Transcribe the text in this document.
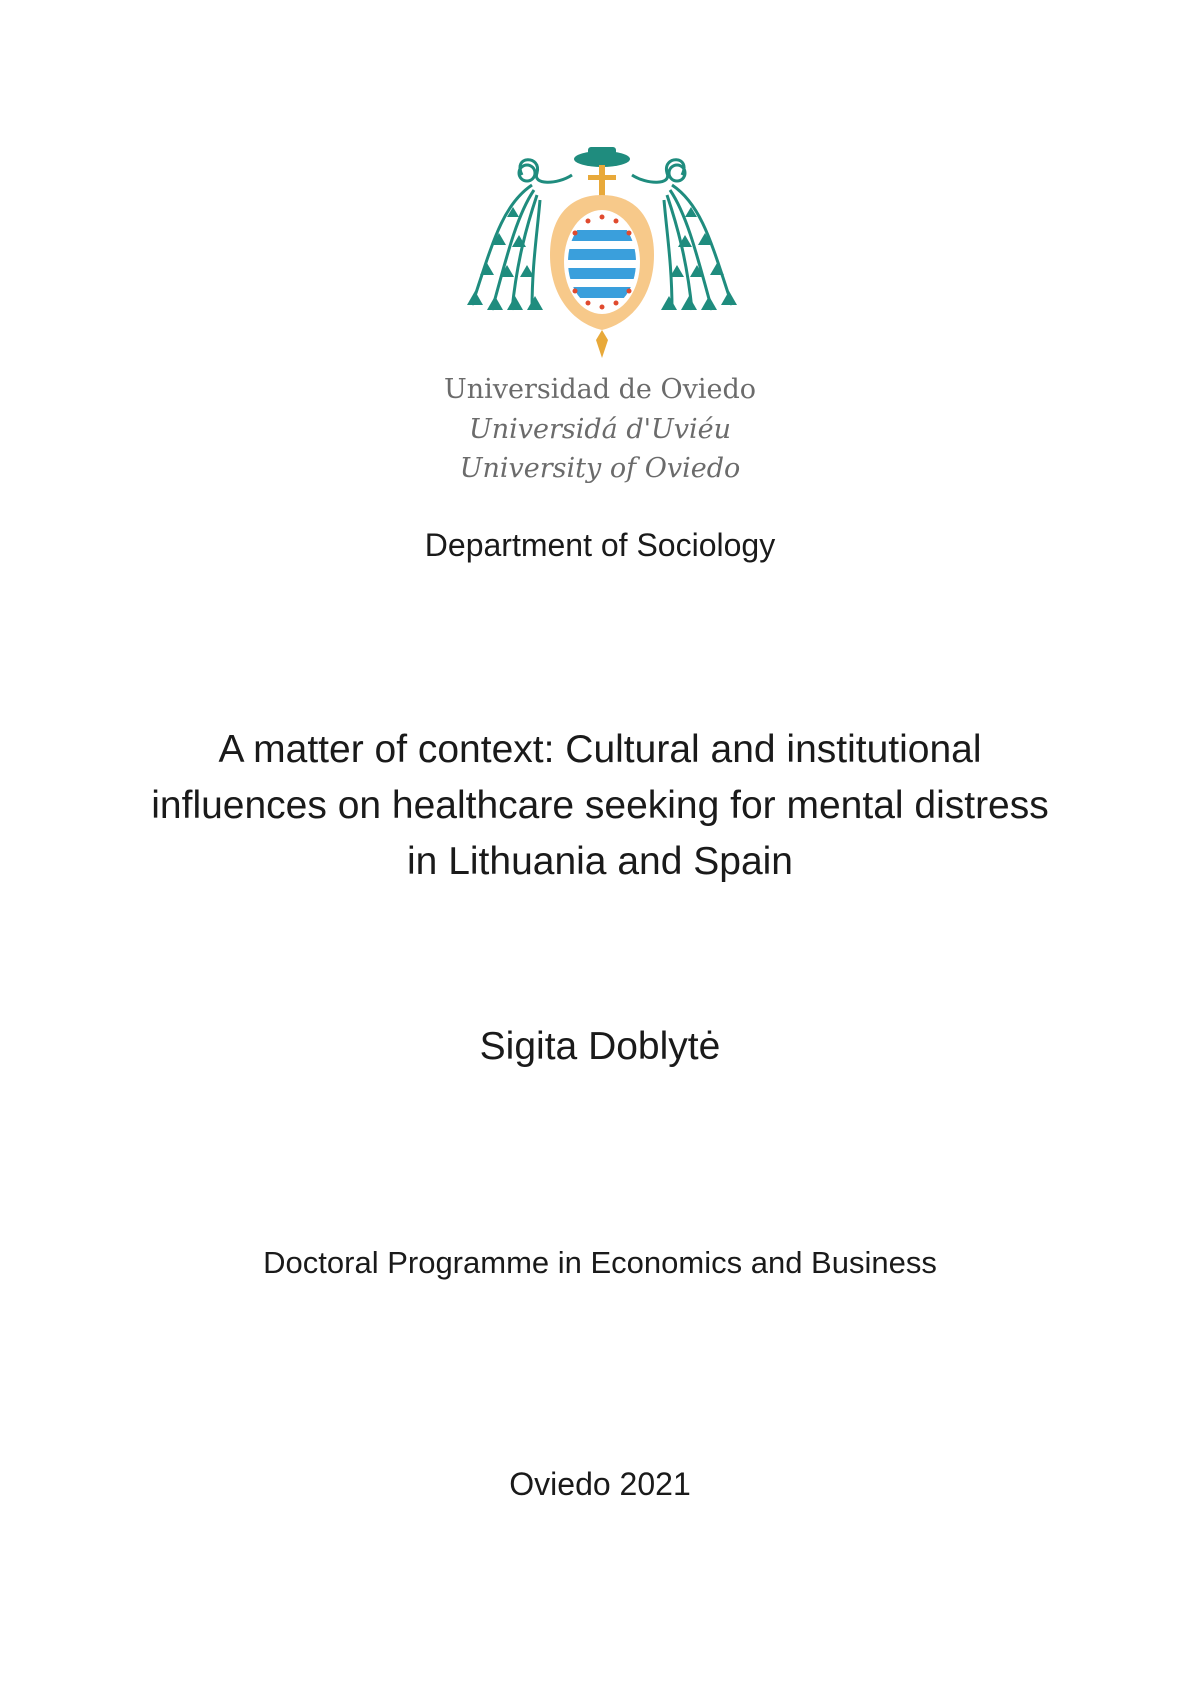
Universidad de Oviedo
Universidá d'Uviéu
University of Oviedo
Department of Sociology
A matter of context: Cultural and institutional influences on healthcare seeking for mental distress in Lithuania and Spain
Sigita Doblytė
Doctoral Programme in Economics and Business
Oviedo 2021
